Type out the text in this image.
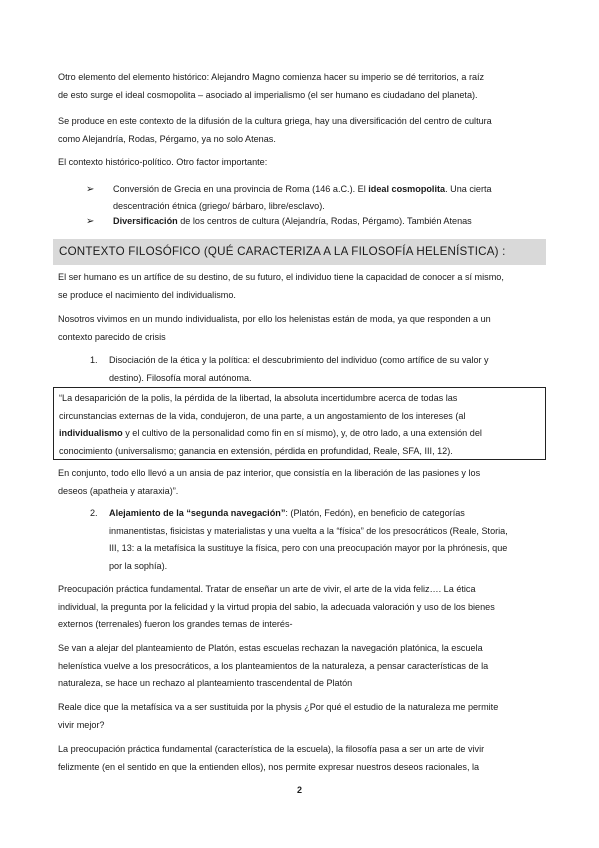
Otro elemento del elemento histórico: Alejandro Magno comienza hacer su imperio se dé territorios, a raíz
de esto surge el ideal cosmopolita – asociado al imperialismo (el ser humano es ciudadano del planeta).
Se produce en este contexto de la difusión de la cultura griega, hay una diversificación del centro de cultura
como Alejandría, Rodas, Pérgamo, ya no solo Atenas.
El contexto histórico-político. Otro factor importante:
➢ Conversión de Grecia en una provincia de Roma (146 a.C.). El ideal cosmopolita. Una cierta
descentración étnica (griego/ bárbaro, libre/esclavo).
➢ Diversificación de los centros de cultura (Alejandría, Rodas, Pérgamo). También Atenas
CONTEXTO FILOSÓFICO (QUÉ CARACTERIZA A LA FILOSOFÍA HELENÍSTICA) :
El ser humano es un artífice de su destino, de su futuro, el individuo tiene la capacidad de conocer a sí mismo,
se produce el nacimiento del individualismo.
Nosotros vivimos en un mundo individualista, por ello los helenistas están de moda, ya que responden a un
contexto parecido de crisis
1. Disociación de la ética y la política: el descubrimiento del individuo (como artífice de su valor y
destino). Filosofía moral autónoma.
“La desaparición de la polis, la pérdida de la libertad, la absoluta incertidumbre acerca de todas las
circunstancias externas de la vida, condujeron, de una parte, a un angostamiento de los intereses (al
individualismo y el cultivo de la personalidad como fin en sí mismo), y, de otro lado, a una extensión del
conocimiento (universalismo; ganancia en extensión, pérdida en profundidad, Reale, SFA, III, 12).
En conjunto, todo ello llevó a un ansia de paz interior, que consistía en la liberación de las pasiones y los
deseos (apatheia y ataraxia)”.
2. Alejamiento de la “segunda navegación”: (Platón, Fedón), en beneficio de categorías
inmanentistas, fisicistas y materialistas y una vuelta a la “física” de los presocráticos (Reale, Storia,
III, 13: a la metafísica la sustituye la física, pero con una preocupación mayor por la phrónesis, que
por la sophía).
Preocupación práctica fundamental. Tratar de enseñar un arte de vivir, el arte de la vida feliz…. La ética
individual, la pregunta por la felicidad y la virtud propia del sabio, la adecuada valoración y uso de los bienes
externos (terrenales) fueron los grandes temas de interés-
Se van a alejar del planteamiento de Platón, estas escuelas rechazan la navegación platónica, la escuela
helenística vuelve a los presocráticos, a los planteamientos de la naturaleza, a pensar características de la
naturaleza, se hace un rechazo al planteamiento trascendental de Platón
Reale dice que la metafísica va a ser sustituida por la physis ¿Por qué el estudio de la naturaleza me permite
vivir mejor?
La preocupación práctica fundamental (característica de la escuela), la filosofía pasa a ser un arte de vivir
felizmente (en el sentido en que la entienden ellos), nos permite expresar nuestros deseos racionales, la
2
